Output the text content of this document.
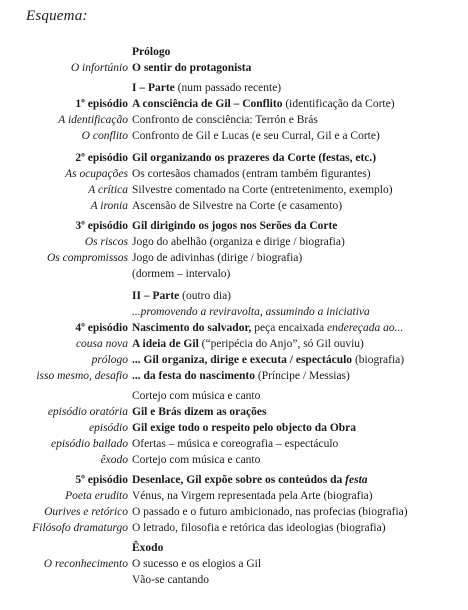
Esquema:
Prólogo
O infortúnio O sentir do protagonista
I – Parte (num passado recente)
1º episódio A consciência de Gil – Conflito (identificação da Corte)
A identificação Confronto de consciência: Terrón e Brás
O conflito Confronto de Gil e Lucas (e seu Curral, Gil e a Corte)
2º episódio Gil organizando os prazeres da Corte (festas, etc.)
As ocupações Os cortesãos chamados (entram também figurantes)
A crítica Silvestre comentado na Corte (entretenimento, exemplo)
A ironia Ascensão de Silvestre na Corte (e casamento)
3º episódio Gil dirigindo os jogos nos Serões da Corte
Os riscos Jogo do abelhão (organiza e dirige / biografia)
Os compromissos Jogo de adivinhas (dirige / biografia)
(dormem – intervalo)
II – Parte (outro dia)
...promovendo a reviravolta, assumindo a iniciativa
4º episódio Nascimento do salvador, peça encaixada endereçada ao...
cousa nova A ideia de Gil (“peripécia do Anjo”, só Gil ouviu)
prólogo ... Gil organiza, dirige e executa / espectáculo (biografia)
isso mesmo, desafio ... da festa do nascimento (Príncipe / Messias)
Cortejo com música e canto
episódio oratória Gil e Brás dizem as orações
episódio Gil exige todo o respeito pelo objecto da Obra
episódio bailado Ofertas – música e coreografia – espectáculo
êxodo Cortejo com música e canto
5º episódio Desenlace, Gil expõe sobre os conteúdos da festa
Poeta erudito Vénus, na Virgem representada pela Arte (biografia)
Ourives e retórico O passado e o futuro ambicionado, nas profecias (biografia)
Filósofo dramaturgo O letrado, filosofia e retórica das ideologias (biografia)
Êxodo
O reconhecimento O sucesso e os elogios a Gil
Vão-se cantando
